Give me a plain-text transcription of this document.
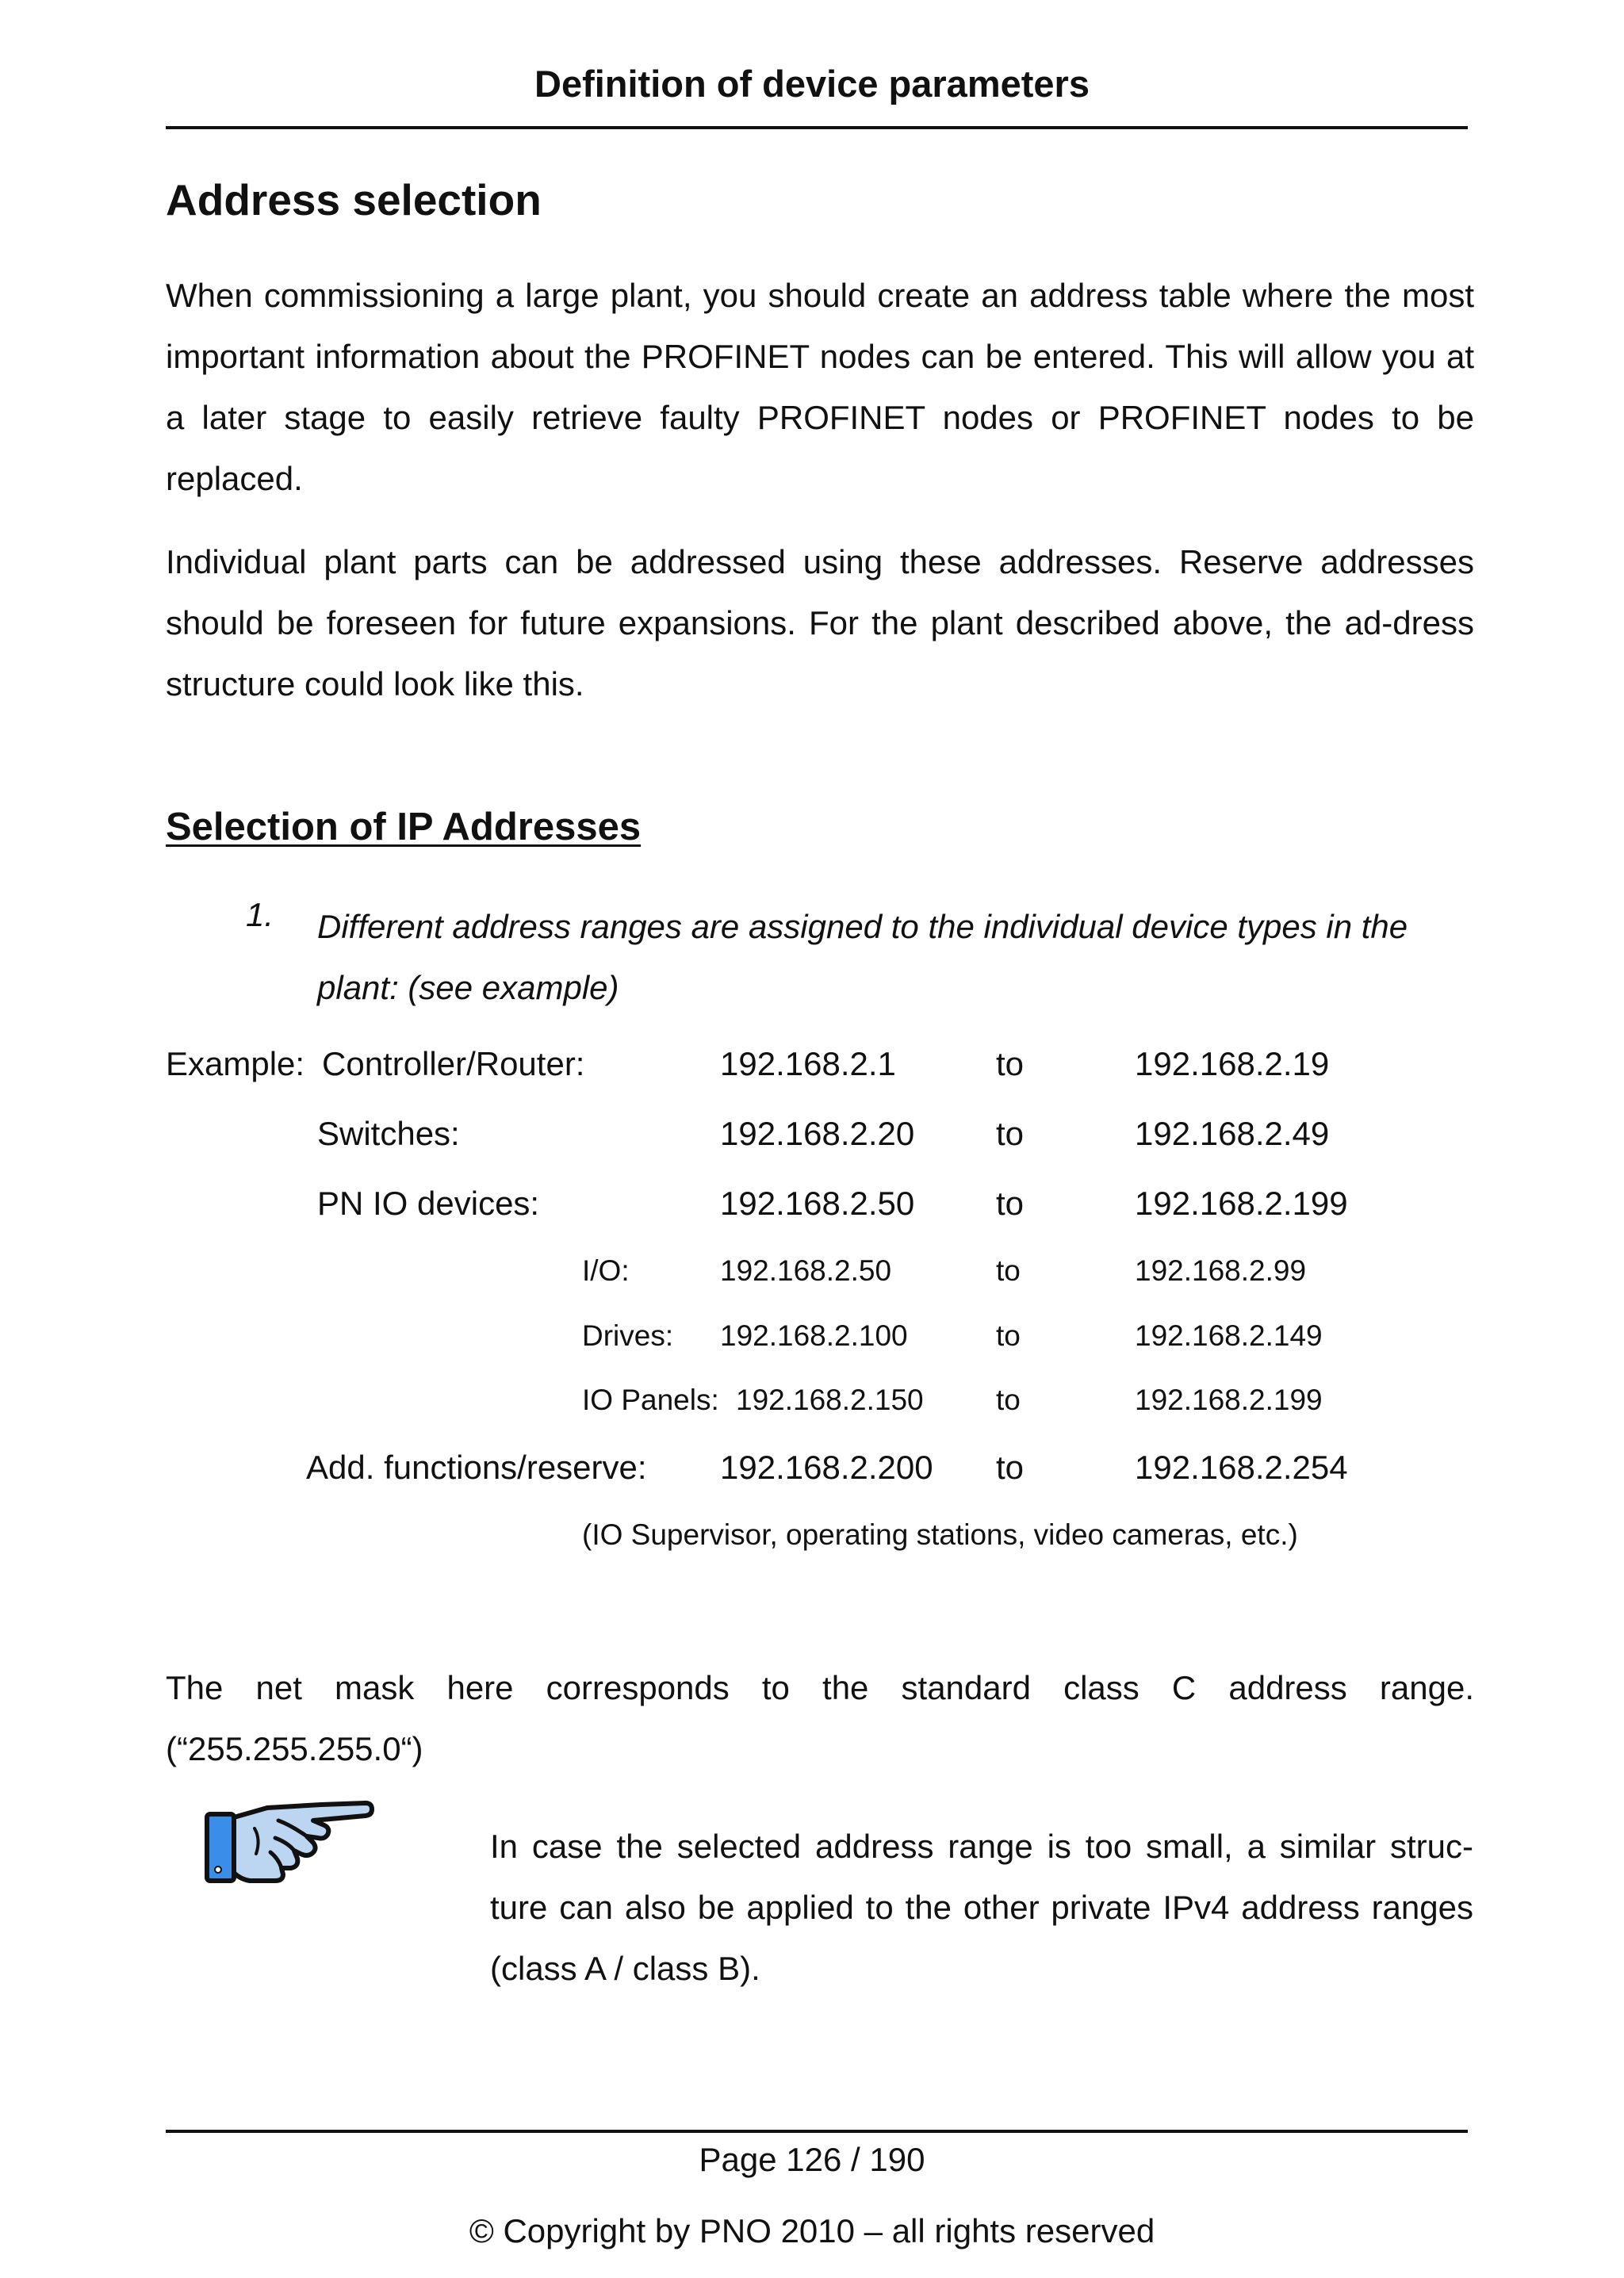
Definition of device parameters
Address selection
When commissioning a large plant, you should create an address table where the most important information about the PROFINET nodes can be entered. This will allow you at a later stage to easily retrieve faulty PROFINET nodes or PROFINET nodes to be replaced.
Individual plant parts can be addressed using these addresses. Reserve addresses should be foreseen for future expansions. For the plant described above, the ad-dress structure could look like this.
Selection of IP Addresses
1. Different address ranges are assigned to the individual device types in the plant: (see example)
Example: Controller/Router:	192.168.2.1	to	192.168.2.19
Switches:	192.168.2.20 to	192.168.2.49
PN IO devices:	192.168.2.50 to	192.168.2.199
I/O:	192.168.2.50	to	192.168.2.99
Drives: 192.168.2.100	to	192.168.2.149
IO Panels: 192.168.2.150 to	192.168.2.199
Add. functions/reserve: 192.168.2.200 to	192.168.2.254
(IO Supervisor, operating stations, video cameras, etc.)
The net mask here corresponds to the standard class C address range. (“255.255.255.0“)
In case the selected address range is too small, a similar struc-ture can also be applied to the other private IPv4 address ranges (class A / class B).
Page 126 / 190
© Copyright by PNO 2010 – all rights reserved
